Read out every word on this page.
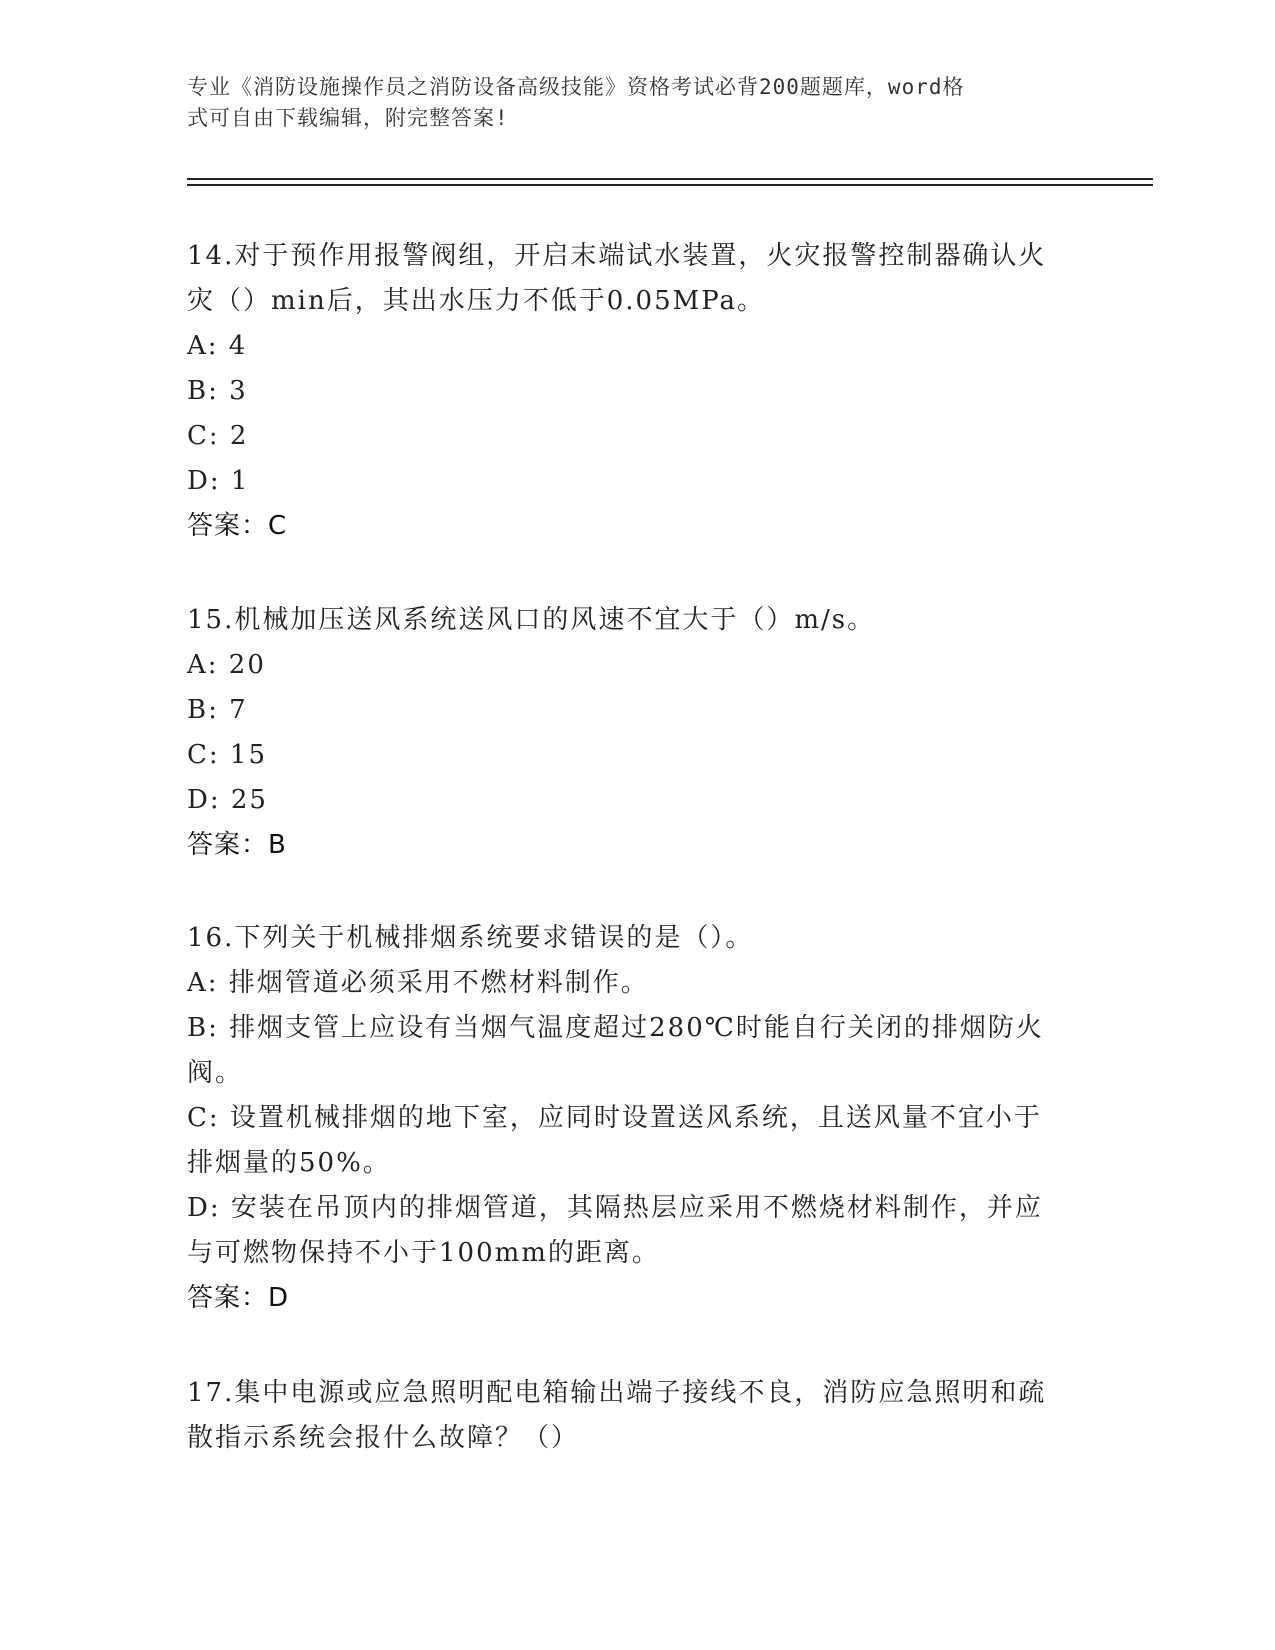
专业《消防设施操作员之消防设备高级技能》资格考试必背200题题库，word格
式可自由下载编辑，附完整答案!

14.对于预作用报警阀组，开启末端试水装置，火灾报警控制器确认火

灾（）min后，其出水压力不低于0.05MPa。

A: 4

B: 3

C: 2

D: 1

答案：C

15.机械加压送风系统送风口的风速不宜大于（）m/s。

A: 20

B: 7

C: 15

D: 25

答案：B

16.下列关于机械排烟系统要求错误的是（）。

A: 排烟管道必须采用不燃材料制作。

B: 排烟支管上应设有当烟气温度超过280℃时能自行关闭的排烟防火

阀。

C: 设置机械排烟的地下室，应同时设置送风系统，且送风量不宜小于

排烟量的50%。

D: 安装在吊顶内的排烟管道，其隔热层应采用不燃烧材料制作，并应

与可燃物保持不小于100mm的距离。

答案：D

17.集中电源或应急照明配电箱输出端子接线不良，消防应急照明和疏

散指示系统会报什么故障？（）
